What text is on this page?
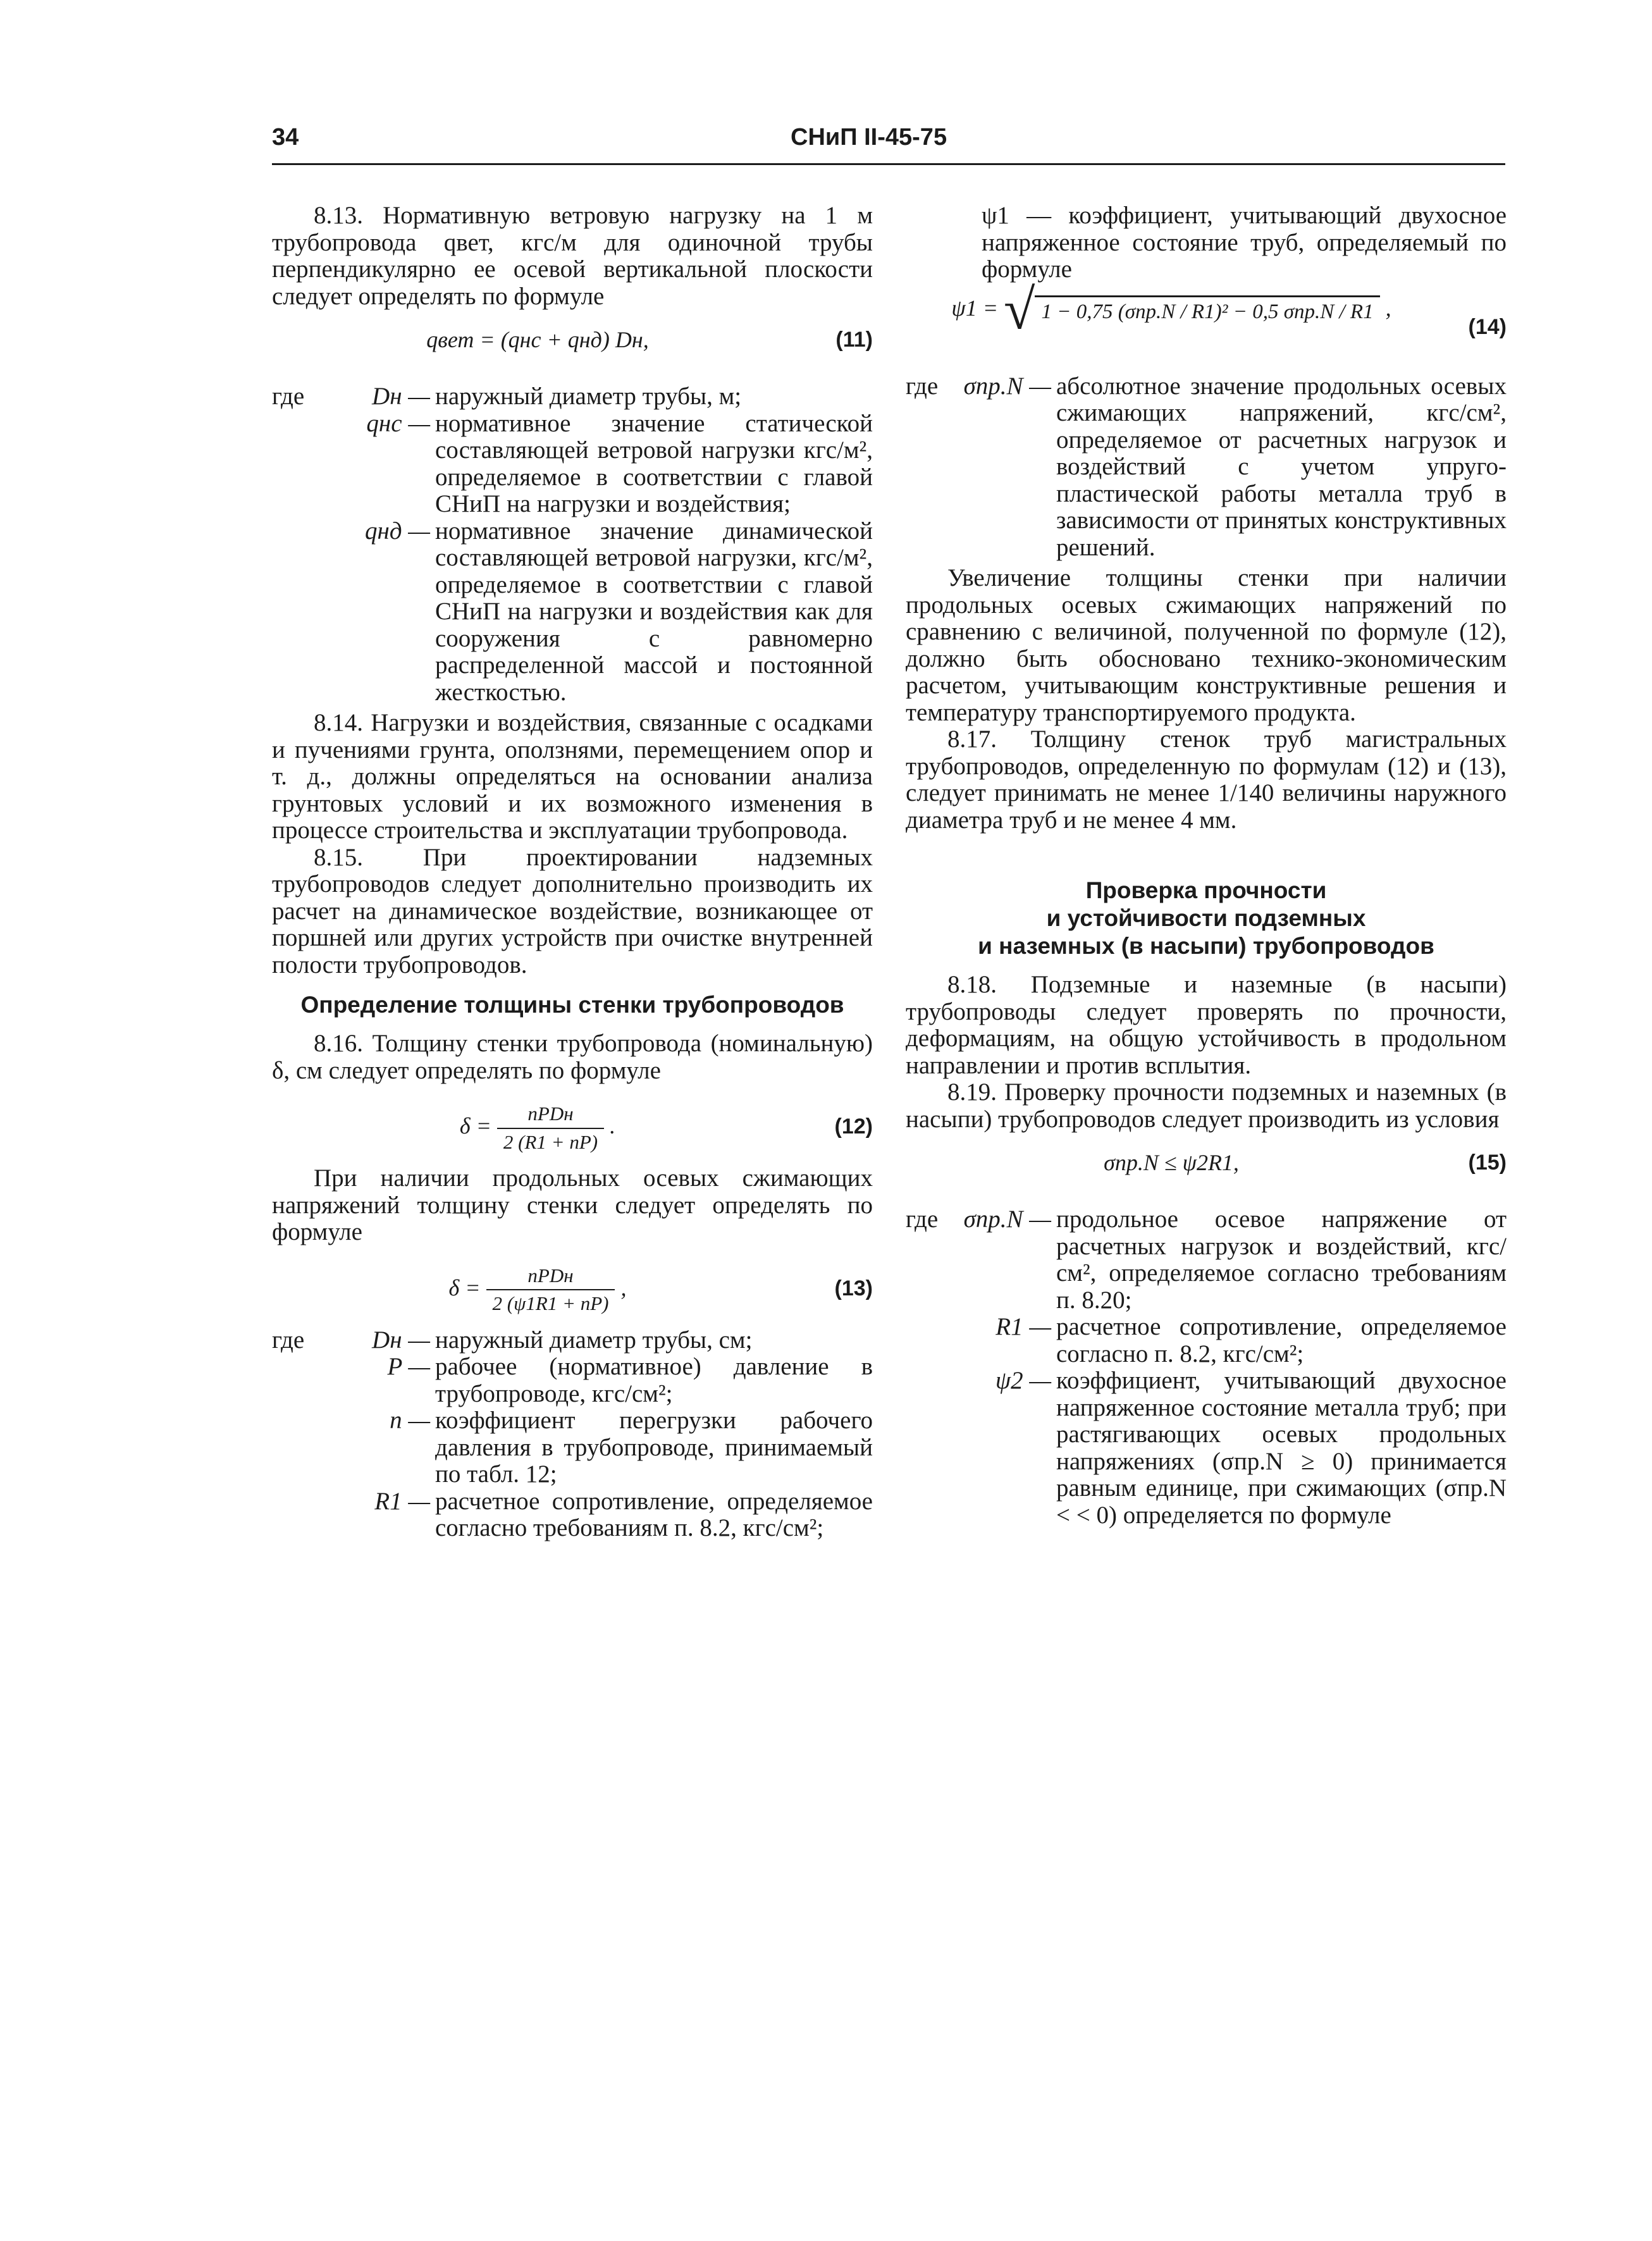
34	СНиП II-45-75

8.13. Нормативную ветровую нагрузку на 1 м трубопровода qвет, кгс/м для одиночной трубы перпендикулярно ее осевой вертикальной плоскости следует определять по формуле

qвет = (qнс + qнд) Dн,	(11)
где	Dн — наружный диаметр трубы, м;
qнс — нормативное значение статической составляющей ветровой нагрузки кгс/м², определяемое в соответствии с главой СНиП на нагрузки и воздействия;
qнд — нормативное значение динамической составляющей ветровой нагрузки, кгс/м², определяемое в соответствии с главой СНиП на нагрузки и воздействия как для сооружения с равномерно распределенной массой и постоянной жесткостью.

8.14. Нагрузки и воздействия, связанные с осадками и пучениями грунта, оползнями, перемещением опор и т. д., должны определяться на основании анализа грунтовых условий и их возможного изменения в процессе строительства и эксплуатации трубопровода.

8.15. При проектировании надземных трубопроводов следует дополнительно производить их расчет на динамическое воздействие, возникающее от поршней или других устройств при очистке внутренней полости трубопроводов.

Определение толщины стенки трубопроводов

8.16. Толщину стенки трубопровода (номинальную) δ, см следует определять по формуле

$\delta = \frac{\text{nPDн}}{2 (R1 + nP)}$ .	(12)

При наличии продольных осевых сжимающих напряжений толщину стенки следует определять по формуле

$\delta = \frac{\text{nPDн}}{2 (\psi 1R1 + nP)}$ ,	(13)
где	Dн — наружный диаметр трубы, см;
P — рабочее (нормативное) давление в трубопроводе, кгс/см²;
n — коэффициент перегрузки рабочего давления в трубопроводе, принимаемый по табл. 12;
R1 — расчетное сопротивление, определяемое согласно требованиям п. 8.2, кгс/см²;

ψ1 — коэффициент, учитывающий двухосное напряженное состояние труб, определяемый по формуле

ψ1 = √ 1 − 0,75 (σпр.N / R1)² − 0,5 σпр.N / R1 ,
(14)
где	σпр.N — абсолютное значение продольных осевых сжимающих напряжений, кгс/см², определяемое от расчетных нагрузок и воздействий с учетом упруго-пластической работы металла труб в зависимости от принятых конструктивных решений.

Увеличение толщины стенки при наличии продольных осевых сжимающих напряжений по сравнению с величиной, полученной по формуле (12), должно быть обосновано технико-экономическим расчетом, учитывающим конструктивные решения и температуру транспортируемого продукта.

8.17. Толщину стенок труб магистральных трубопроводов, определенную по формулам (12) и (13), следует принимать не менее 1/140 величины наружного диаметра труб и не менее 4 мм.

Проверка прочности
и устойчивости подземных
и наземных (в насыпи) трубопроводов

8.18. Подземные и наземные (в насыпи) трубопроводы следует проверять по прочности, деформациям, на общую устойчивость в продольном направлении и против всплытия.

8.19. Проверку прочности подземных и наземных (в насыпи) трубопроводов следует производить из условия

σпр.N ≤ ψ2R1,	(15)
где	σпр.N — продольное осевое напряжение от расчетных нагрузок и воздействий, кгс/см², определяемое согласно требованиям п. 8.20;
R1 — расчетное сопротивление, определяемое согласно п. 8.2, кгс/см²;
ψ2 — коэффициент, учитывающий двухосное напряженное состояние металла труб; при растягивающих осевых продольных напряжениях (σпр.N ≥ 0) принимается равным единице, при сжимающих (σпр.N < < 0) определяется по формуле
